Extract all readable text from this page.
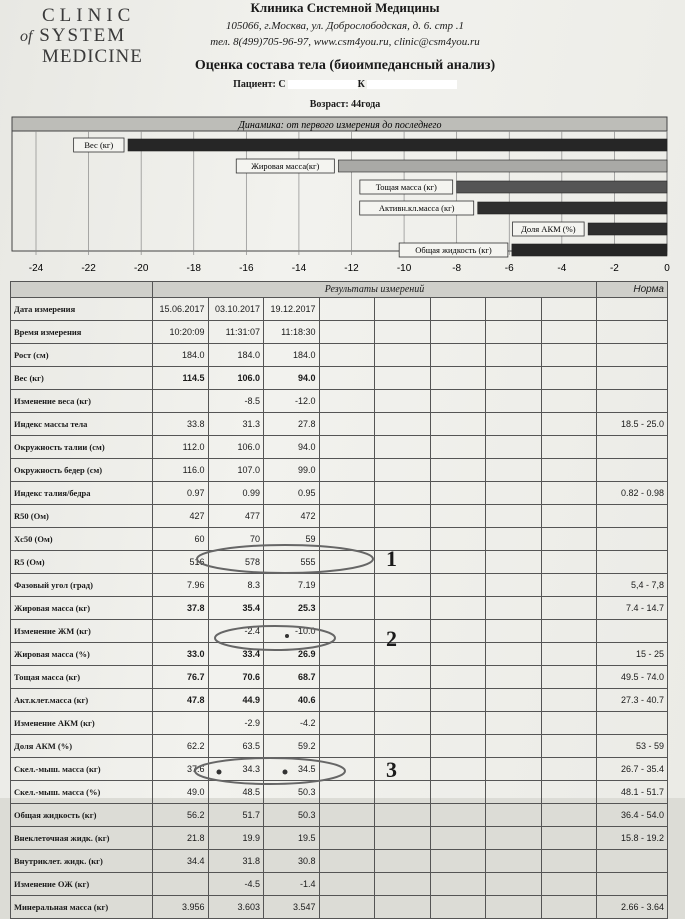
CLINIC
of SYSTEM
MEDICINE
Клиника Системной Медицины
105066, г.Москва, ул. Доброслободская, д. 6. стр .1
тел. 8(499)705-96-97, www.csm4you.ru, clinic@csm4you.ru
Оценка состава тела (биоимпедансный анализ)
Пациент: С	К
Возраст: 44года
Динамика: от первого измерения до последнего
-24	-22	-20	-18	-16	-14	-12	-10	-8	-6	-4	-2	0
Вес (кг)
Жировая масса(кг)
Тощая масса (кг)
Активн.кл.масса (кг)
Доля АКМ (%)
Общая жидкость (кг)
	Результаты измерений								Норма
Дата измерения	15.06.2017	03.10.2017	19.12.2017						
Время измерения	10:20:09	11:31:07	11:18:30						
Рост (см)	184.0	184.0	184.0						
Вес (кг)	114.5	106.0	94.0						
Изменение веса (кг)		-8.5	-12.0						
Индекс массы тела	33.8	31.3	27.8						18.5 - 25.0
Окружность талии (см)	112.0	106.0	94.0						
Окружность бедер (см)	116.0	107.0	99.0						
Индекс талия/бедра	0.97	0.99	0.95						0.82 - 0.98
R50 (Ом)	427	477	472						
Xc50 (Ом)	60	70	59						
R5 (Ом)	516	578	555						
Фазовый угол (град)	7.96	8.3	7.19						5,4 - 7,8
Жировая масса (кг)	37.8	35.4	25.3						7.4 - 14.7
Изменение ЖМ (кг)		-2.4	-10.0						
Жировая масса (%)	33.0	33.4	26.9						15 - 25
Тощая масса (кг)	76.7	70.6	68.7						49.5 - 74.0
Акт.клет.масса (кг)	47.8	44.9	40.6						27.3 - 40.7
Изменение АКМ (кг)		-2.9	-4.2						
Доля АКМ (%)	62.2	63.5	59.2						53 - 59
Скел.-мыш. масса (кг)	37.6	34.3	34.5						26.7 - 35.4
Скел.-мыш. масса (%)	49.0	48.5	50.3						48.1 - 51.7
Общая жидкость (кг)	56.2	51.7	50.3						36.4 - 54.0
Внеклеточная жидк. (кг)	21.8	19.9	19.5						15.8 - 19.2
Внутриклет. жидк. (кг)	34.4	31.8	30.8						
Изменение ОЖ (кг)		-4.5	-1.4						
Минеральная масса (кг)	3.956	3.603	3.547						2.66 - 3.64
1
2
3
